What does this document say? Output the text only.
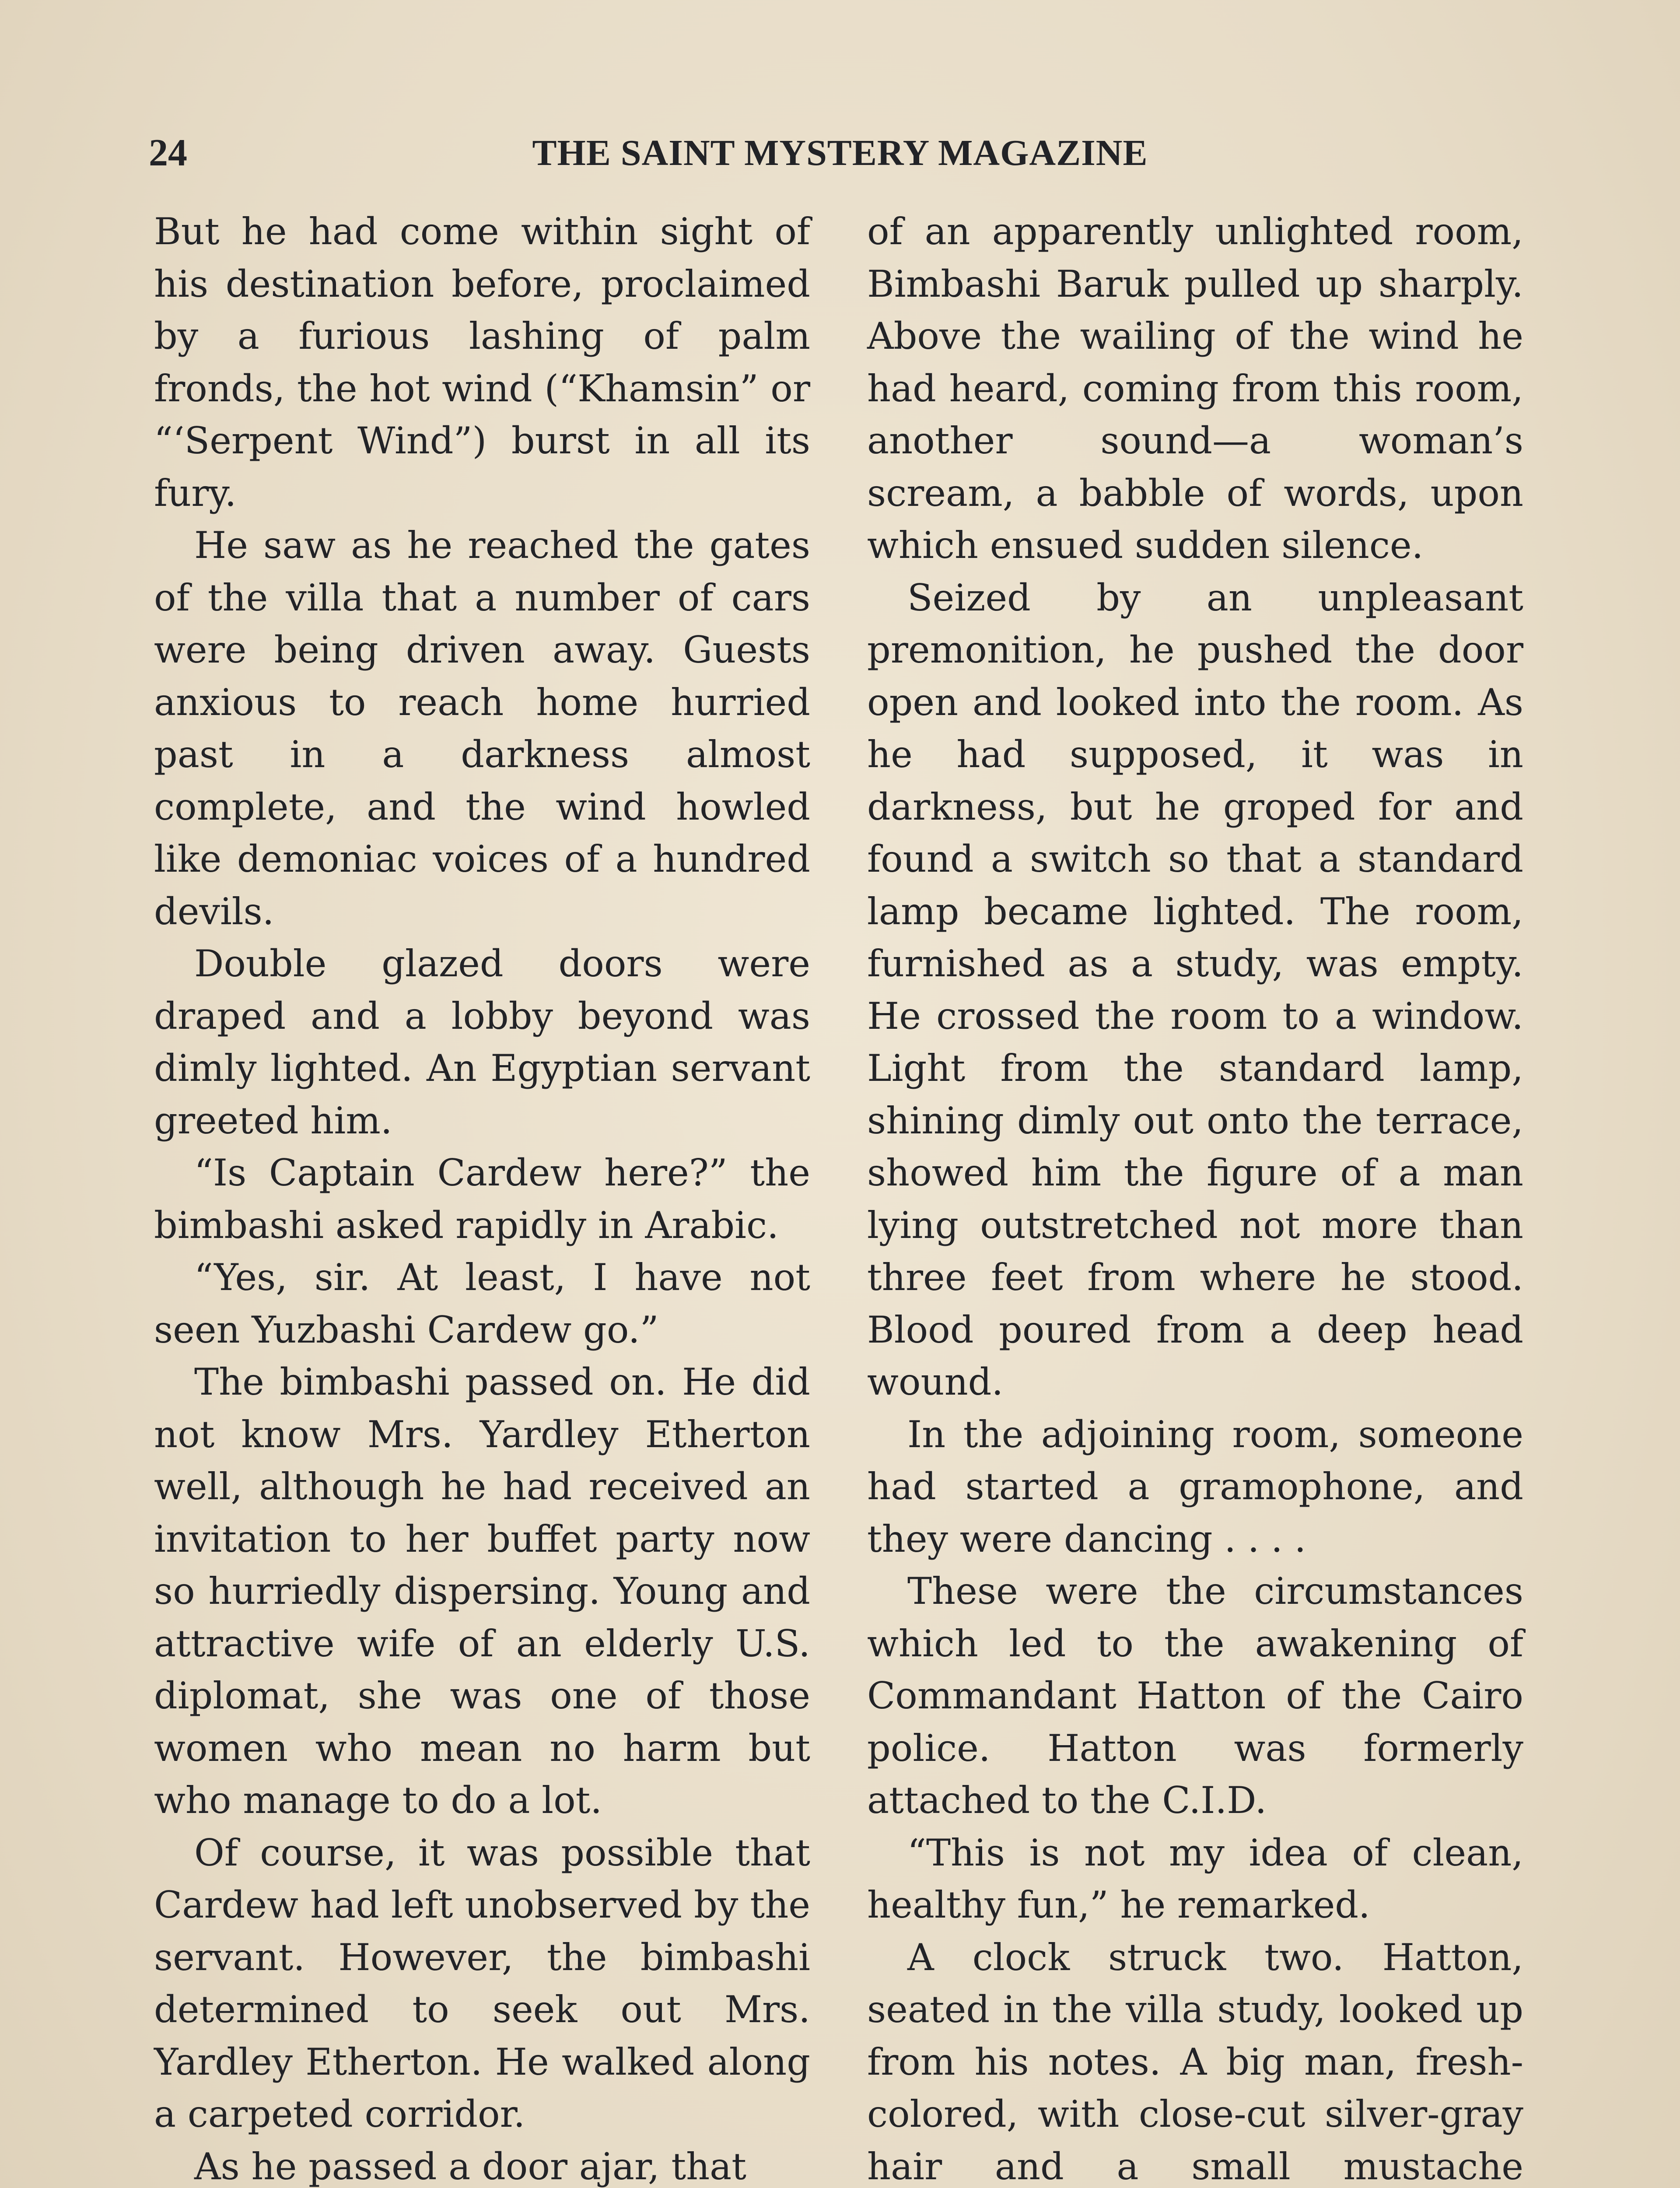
24	THE SAINT MYSTERY MAGAZINE

But he had come within sight of his destination before, proclaimed by a furious lashing of palm fronds, the hot wind (“Khamsin” or “‘Serpent Wind”) burst in all its fury.

He saw as he reached the gates of the villa that a number of cars were being driven away. Guests anxious to reach home hurried past in a darkness almost complete, and the wind howled like demoniac voices of a hundred devils.

Double glazed doors were draped and a lobby beyond was dimly lighted. An Egyptian servant greeted him.

“Is Captain Cardew here?” the bimbashi asked rapidly in Arabic.

“Yes, sir. At least, I have not seen Yuzbashi Cardew go.”

The bimbashi passed on. He did not know Mrs. Yardley Etherton well, although he had received an invitation to her buffet party now so hurriedly dispersing. Young and attractive wife of an elderly U.S. diplomat, she was one of those women who mean no harm but who manage to do a lot.

Of course, it was possible that Cardew had left unobserved by the servant. However, the bimbashi determined to seek out Mrs. Yardley Etherton. He walked along a carpeted corridor.

As he passed a door ajar, that

of an apparently unlighted room, Bimbashi Baruk pulled up sharply. Above the wailing of the wind he had heard, coming from this room, another sound—a woman’s scream, a babble of words, upon which ensued sudden silence.

Seized by an unpleasant premonition, he pushed the door open and looked into the room. As he had supposed, it was in darkness, but he groped for and found a switch so that a standard lamp became lighted. The room, furnished as a study, was empty. He crossed the room to a window. Light from the standard lamp, shining dimly out onto the terrace, showed him the figure of a man lying outstretched not more than three feet from where he stood. Blood poured from a deep head wound.

In the adjoining room, someone had started a gramophone, and they were dancing . . . .

These were the circumstances which led to the awakening of Commandant Hatton of the Cairo police. Hatton was formerly attached to the C.I.D.

“This is not my idea of clean, healthy fun,” he remarked.

A clock struck two. Hatton, seated in the villa study, looked up from his notes. A big man, fresh-colored, with close-cut silver-gray hair and a small mustache
